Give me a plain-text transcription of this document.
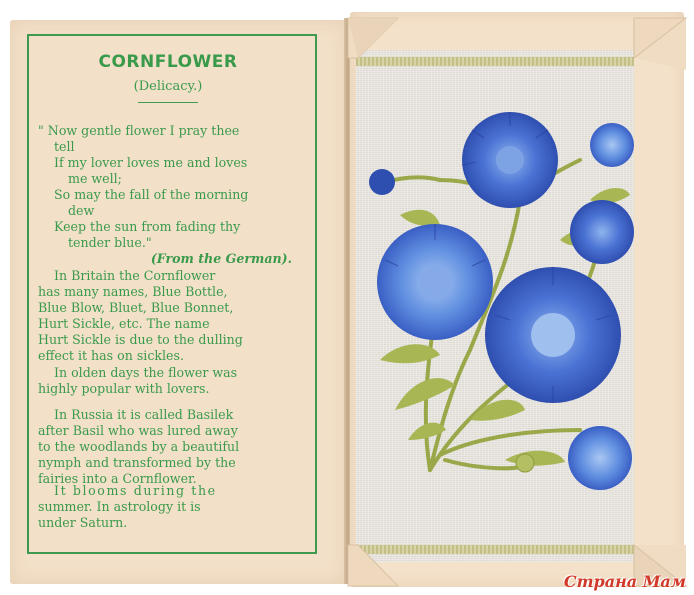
CORNFLOWER
(Delicacy.)
" Now gentle flower I pray thee
tell
If my lover loves me and loves
me well;
So may the fall of the morning
dew
Keep the sun from fading thy
tender blue."
(From the German).
In Britain the Cornflower
has many names, Blue Bottle,
Blue Blow, Bluet, Blue Bonnet,
Hurt Sickle, etc. The name
Hurt Sickle is due to the dulling
effect it has on sickles.
In olden days the flower was
highly popular with lovers.
In Russia it is called Basilek
after Basil who was lured away
to the woodlands by a beautiful
nymph and transformed by the
fairies into a Cornflower.
It blooms during the
summer. In astrology it is
under Saturn.
Страна Мам
